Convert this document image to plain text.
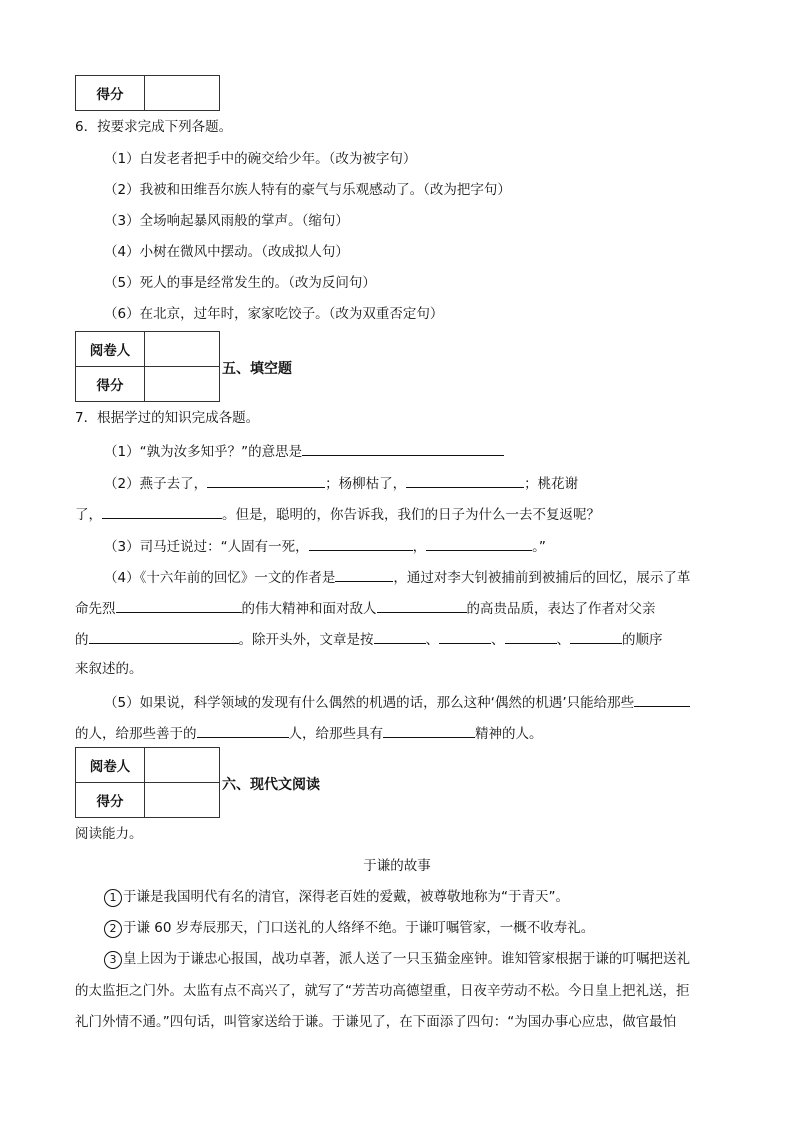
得分	
6．按要求完成下列各题。
（1）白发老者把手中的碗交给少年。（改为被字句）
（2）我被和田维吾尔族人特有的豪气与乐观感动了。（改为把字句）
（3）全场响起暴风雨般的掌声。（缩句）
（4）小树在微风中摆动。（改成拟人句）
（5）死人的事是经常发生的。（改为反问句）
（6）在北京，过年时，家家吃饺子。（改为双重否定句）
阅卷人	
得分	
五、填空题
7．根据学过的知识完成各题。
（1）“孰为汝多知乎？”的意思是
（2）燕子去了，	；杨柳枯了，	；桃花谢
了，	。但是，聪明的，你告诉我，我们的日子为什么一去不复返呢？
（3）司马迁说过：“人固有一死，	，	。”
（4）《十六年前的回忆》一文的作者是	，通过对李大钊被捕前到被捕后的回忆，展示了革
命先烈	的伟大精神和面对敌人	的高贵品质，表达了作者对父亲
的	。除开头外，文章是按	、	、	、	的顺序
来叙述的。
（5）如果说，科学领域的发现有什么偶然的机遇的话，那么这种‘偶然的机遇’只能给那些
的人，给那些善于的	人，给那些具有	精神的人。
阅卷人	
得分	
六、现代文阅读
阅读能力。
于谦的故事
1 于谦是我国明代有名的清官，深得老百姓的爱戴，被尊敬地称为“于青天”。
2 于谦 60 岁寿辰那天，门口送礼的人络绎不绝。于谦叮嘱管家，一概不收寿礼。
3 皇上因为于谦忠心报国，战功卓著，派人送了一只玉猫金座钟。谁知管家根据于谦的叮嘱把送礼
的太监拒之门外。太监有点不高兴了，就写了“芳苦功高德望重，日夜辛劳动不松。今日皇上把礼送，拒
礼门外情不通。”四句话，叫管家送给于谦。于谦见了，在下面添了四句：“为国办事心应忠，做官最怕
